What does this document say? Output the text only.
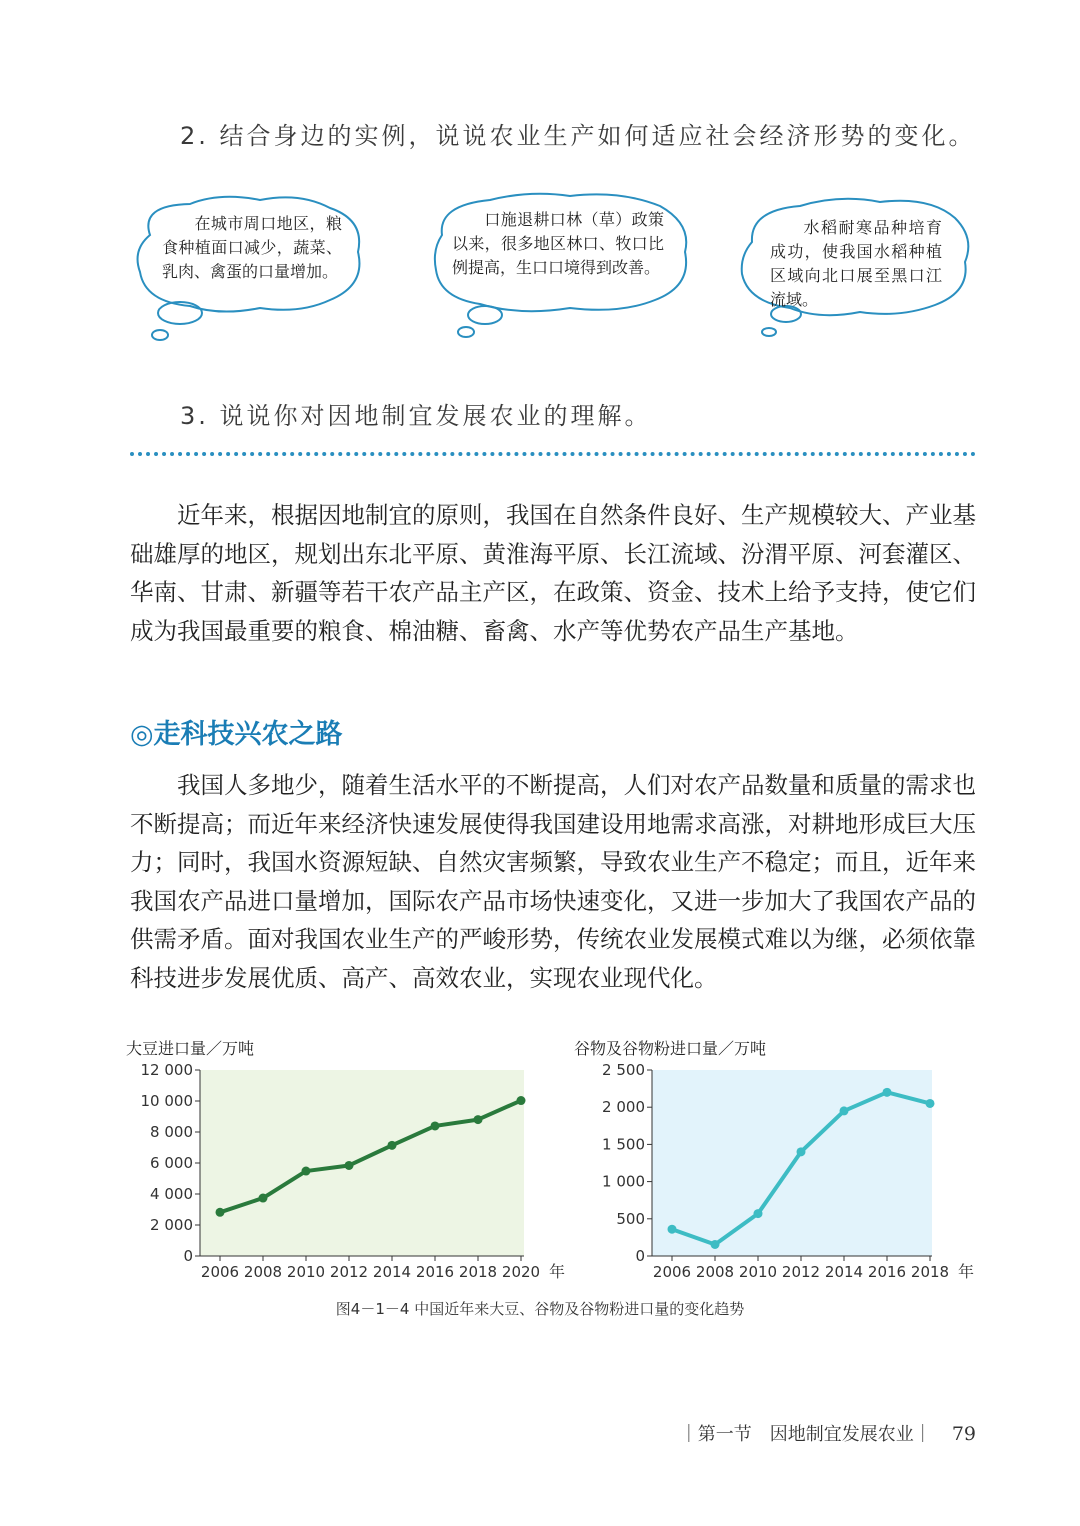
2. 结合身边的实例，说说农业生产如何适应社会经济形势的变化。
在城市周口地区，粮食种植面口减少，蔬菜、乳肉、禽蛋的口量增加。
口施退耕口林（草）政策以来，很多地区林口、牧口比例提高，生口口境得到改善。
水稻耐寒品种培育成功，使我国水稻种植区域向北口展至黑口江流域。
3. 说说你对因地制宜发展农业的理解。
近年来，根据因地制宜的原则，我国在自然条件良好、生产规模较大、产业基础雄厚的地区，规划出东北平原、黄淮海平原、长江流域、汾渭平原、河套灌区、华南、甘肃、新疆等若干农产品主产区，在政策、资金、技术上给予支持，使它们成为我国最重要的粮食、棉油糖、畜禽、水产等优势农产品生产基地。
◎走科技兴农之路
我国人多地少，随着生活水平的不断提高，人们对农产品数量和质量的需求也不断提高；而近年来经济快速发展使得我国建设用地需求高涨，对耕地形成巨大压力；同时，我国水资源短缺、自然灾害频繁，导致农业生产不稳定；而且，近年来我国农产品进口量增加，国际农产品市场快速变化，又进一步加大了我国农产品的供需矛盾。面对我国农业生产的严峻形势，传统农业发展模式难以为继，必须依靠科技进步发展优质、高产、高效农业，实现农业现代化。
大豆进口量／万吨
0
2 000
4 000
6 000
8 000
10 000
12 000
2006 2008 2010 2012 2014 2016 2018 2020 年
谷物及谷物粉进口量／万吨
0
500
1 000
1 500
2 000
2 500
2006 2008 2010 2012 2014 2016 2018 年
图4－1－4 中国近年来大豆、谷物及谷物粉进口量的变化趋势
｜第一节　因地制宜发展农业｜ 79
